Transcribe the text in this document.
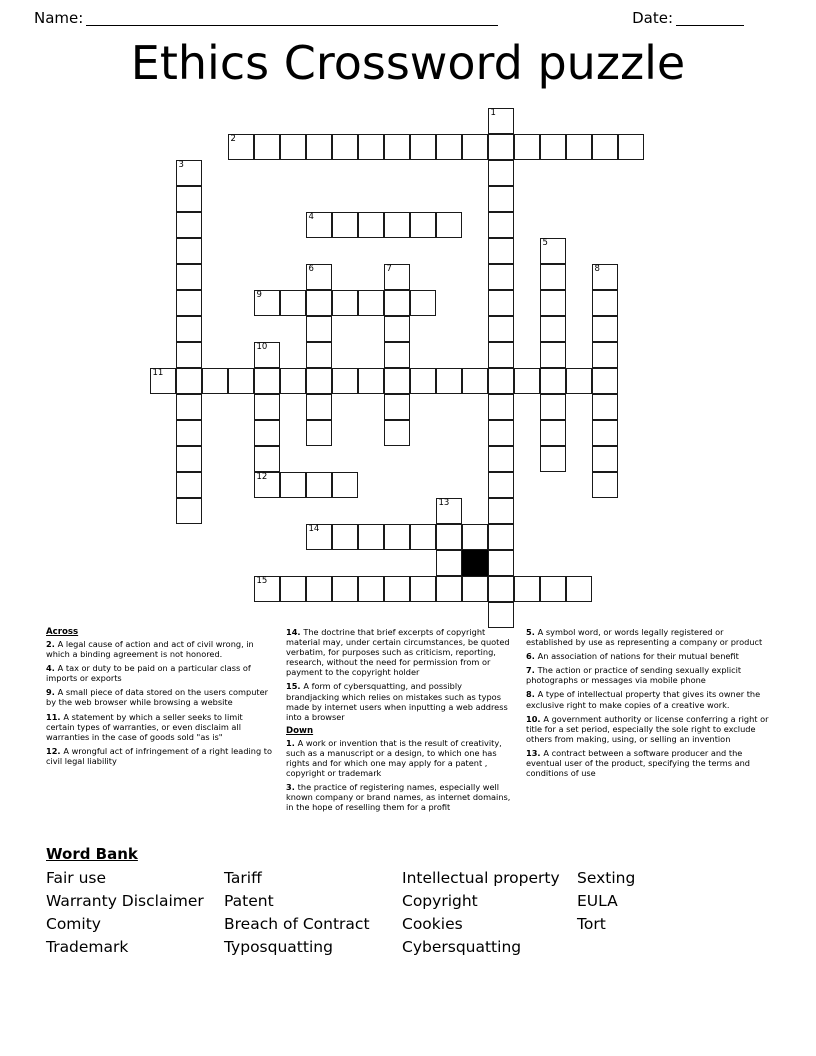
Name:	Date:
Ethics Crossword puzzle
1
2
3
4
5
6	7	8
9
10
11
12
13
14
15
Across
2. A legal cause of action and act of civil wrong, in which a binding agreement is not honored.
4. A tax or duty to be paid on a particular class of imports or exports
9. A small piece of data stored on the users computer by the web browser while browsing a website
11. A statement by which a seller seeks to limit certain types of warranties, or even disclaim all warranties in the case of goods sold "as is"
12. A wrongful act of infringement of a right leading to civil legal liability
14. The doctrine that brief excerpts of copyright material may, under certain circumstances, be quoted verbatim, for purposes such as criticism, reporting, research, without the need for permission from or payment to the copyright holder
15. A form of cybersquatting, and possibly brandjacking which relies on mistakes such as typos made by internet users when inputting a web address into a browser
Down
1. A work or invention that is the result of creativity, such as a manuscript or a design, to which one has rights and for which one may apply for a patent , copyright or trademark
3. the practice of registering names, especially well known company or brand names, as internet domains, in the hope of reselling them for a profit
5. A symbol word, or words legally registered or established by use as representing a company or product
6. An association of nations for their mutual benefit
7. The action or practice of sending sexually explicit photographs or messages via mobile phone
8. A type of intellectual property that gives its owner the exclusive right to make copies of a creative work.
10. A government authority or license conferring a right or title for a set period, especially the sole right to exclude others from making, using, or selling an invention
13. A contract between a software producer and the eventual user of the product, specifying the terms and conditions of use
Word Bank
Fair use	Tariff	Intellectual property	Sexting
Warranty Disclaimer	Patent	Copyright	EULA
Comity	Breach of Contract	Cookies	Tort
Trademark	Typosquatting	Cybersquatting
